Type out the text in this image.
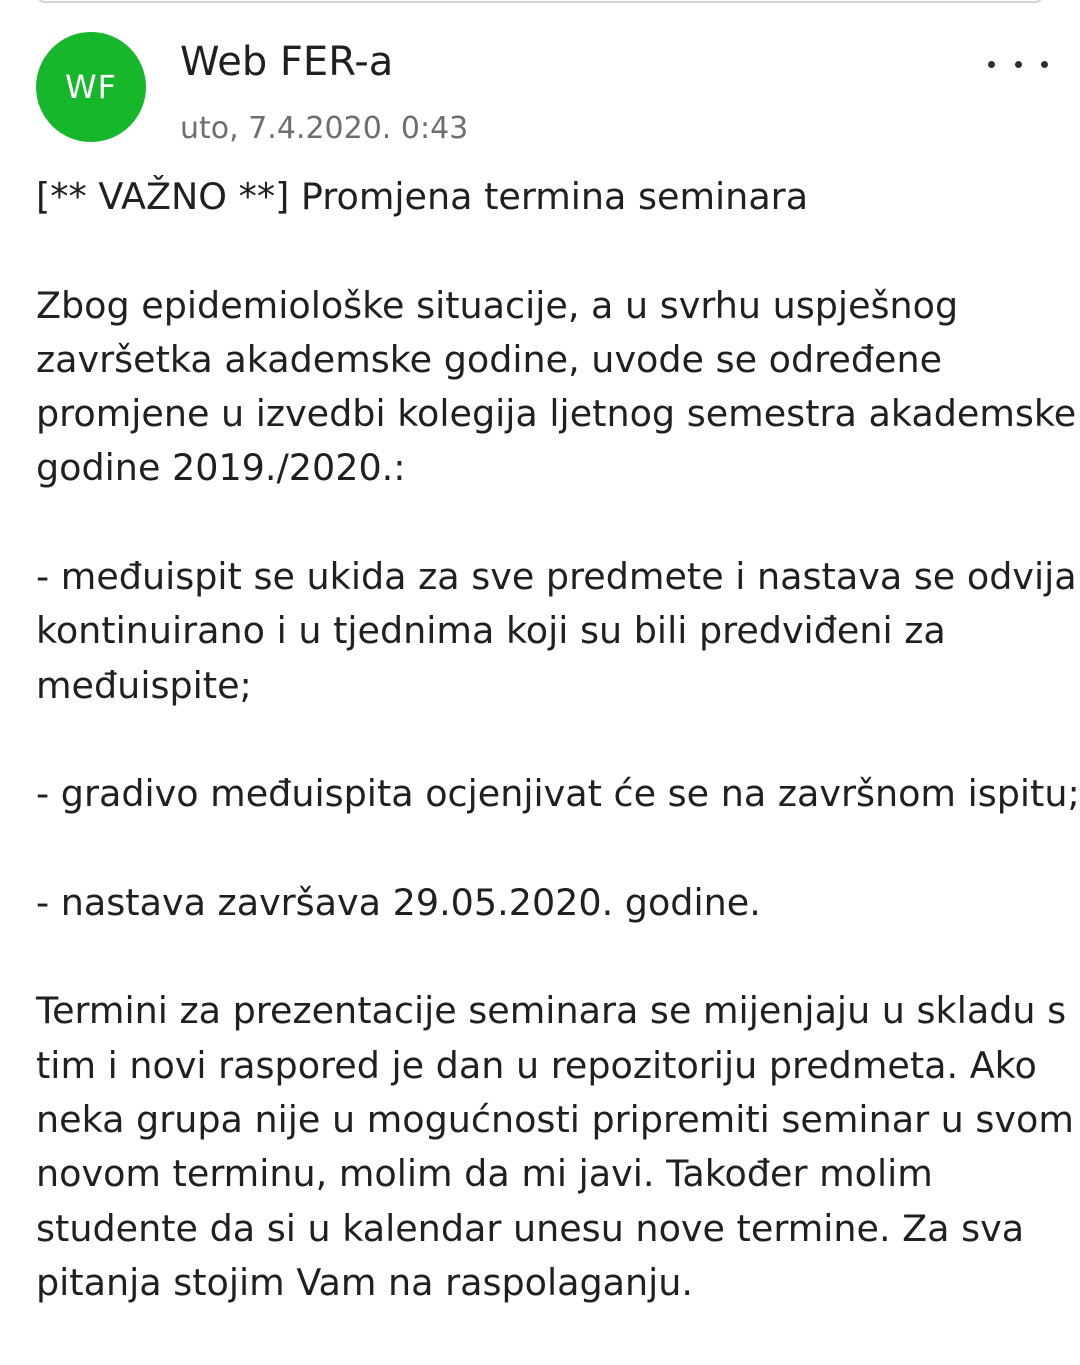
WF
Web FER-a
uto, 7.4.2020. 0:43

[** VAŽNO **] Promjena termina seminara

Zbog epidemiološke situacije, a u svrhu uspješnog
završetka akademske godine, uvode se određene
promjene u izvedbi kolegija ljetnog semestra akademske
godine 2019./2020.:

- međuispit se ukida za sve predmete i nastava se odvija
kontinuirano i u tjednima koji su bili predviđeni za
međuispite;

- gradivo međuispita ocjenjivat će se na završnom ispitu;

- nastava završava 29.05.2020. godine.

Termini za prezentacije seminara se mijenjaju u skladu s
tim i novi raspored je dan u repozitoriju predmeta. Ako
neka grupa nije u mogućnosti pripremiti seminar u svom
novom terminu, molim da mi javi. Također molim
studente da si u kalendar unesu nove termine. Za sva
pitanja stojim Vam na raspolaganju.
